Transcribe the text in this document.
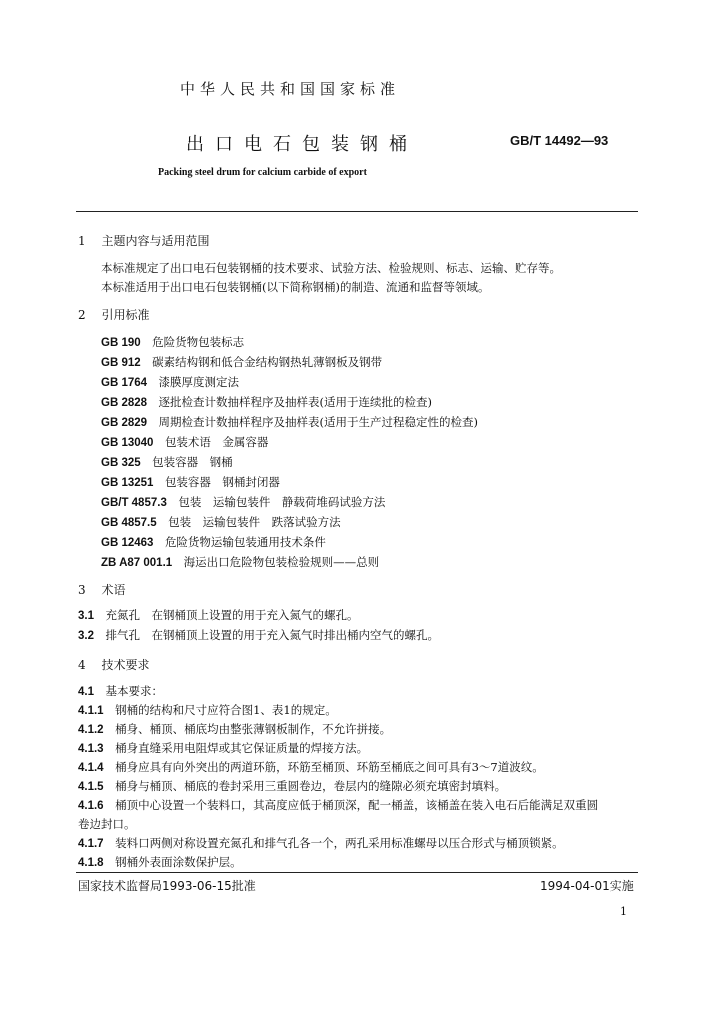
中华人民共和国国家标准
出口电石包装钢桶	GB/T 14492—93
Packing steel drum for calcium carbide of export
1　 主题内容与适用范围
本标准规定了出口电石包装钢桶的技术要求、试验方法、检验规则、标志、运输、贮存等。
本标准适用于出口电石包装钢桶(以下简称钢桶)的制造、流通和监督等领域。
2　 引用标准
GB 190　 危险货物包装标志
GB 912　 碳素结构钢和低合金结构钢热轧薄钢板及钢带
GB 1764　 漆膜厚度测定法
GB 2828　 逐批检查计数抽样程序及抽样表(适用于连续批的检查)
GB 2829　 周期检查计数抽样程序及抽样表(适用于生产过程稳定性的检查)
GB 13040　 包装术语　金属容器
GB 325　 包装容器　钢桶
GB 13251　 包装容器　钢桶封闭器
GB/T 4857.3　 包装　运输包装件　静载荷堆码试验方法
GB 4857.5　 包装　运输包装件　跌落试验方法
GB 12463　 危险货物运输包装通用技术条件
ZB A87 001.1　 海运出口危险物包装检验规则——总则
3　 术语
3.1　 充氮孔　在钢桶顶上设置的用于充入氮气的螺孔。
3.2　 排气孔　在钢桶顶上设置的用于充入氮气时排出桶内空气的螺孔。
4　 技术要求
4.1　 基本要求：
4.1.1　 钢桶的结构和尺寸应符合图1、表1的规定。
4.1.2　 桶身、桶顶、桶底均由整张薄钢板制作，不允许拼接。
4.1.3　 桶身直缝采用电阻焊或其它保证质量的焊接方法。
4.1.4　 桶身应具有向外突出的两道环筋，环筋至桶顶、环筋至桶底之间可具有3～7道波纹。
4.1.5　 桶身与桶顶、桶底的卷封采用三重圆卷边，卷层内的缝隙必须充填密封填料。
4.1.6　 桶顶中心设置一个装料口，其高度应低于桶顶深，配一桶盖，该桶盖在装入电石后能满足双重圆
卷边封口。
4.1.7　 装料口两侧对称设置充氮孔和排气孔各一个，两孔采用标准螺母以压合形式与桶顶锁紧。
4.1.8　 钢桶外表面涂数保护层。
国家技术监督局1993-06-15批准	1994-04-01实施
1
